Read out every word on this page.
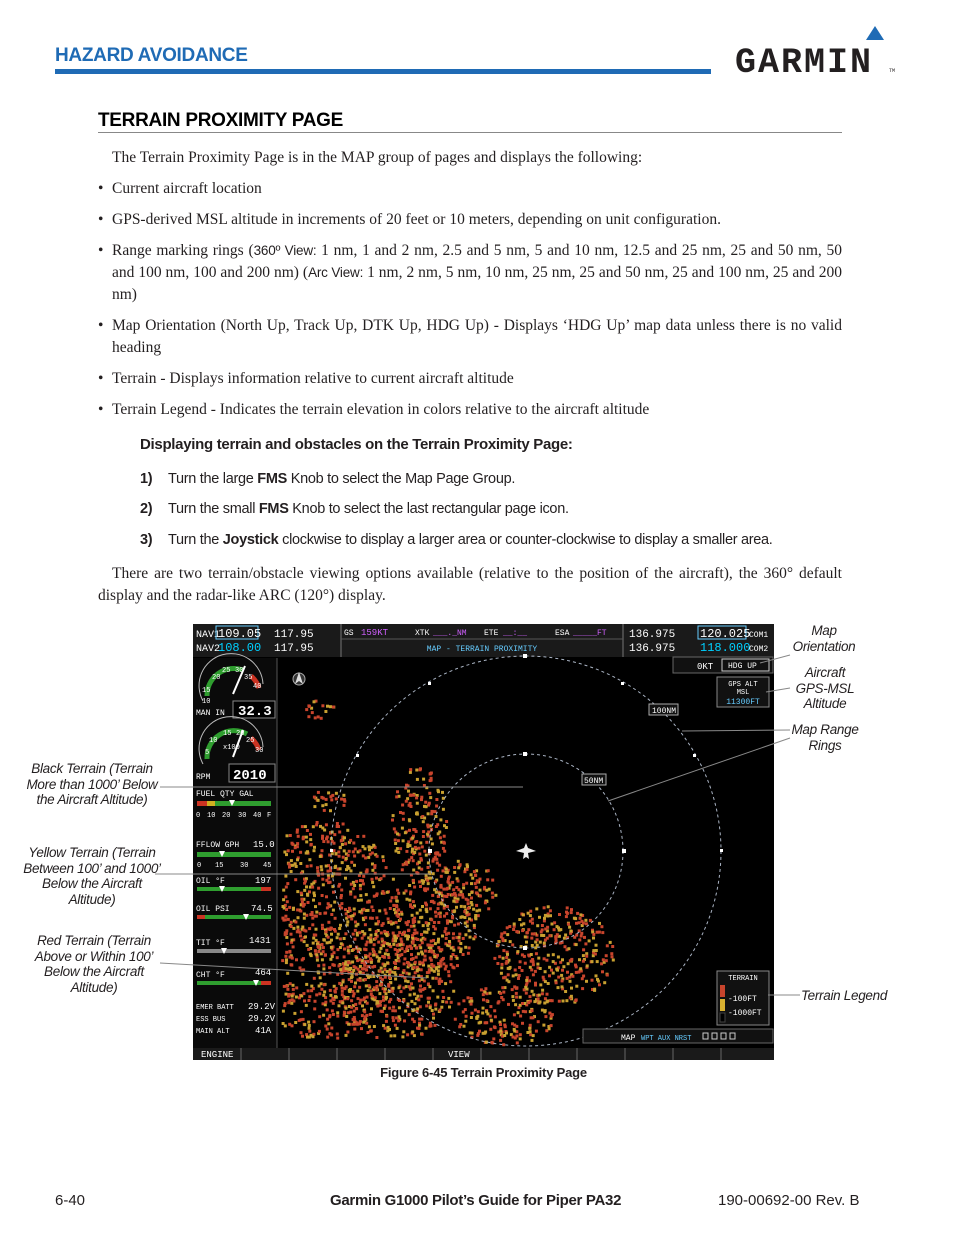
HAZARD AVOIDANCE	GARMIN	TM
TERRAIN PROXIMITY PAGE
The Terrain Proximity Page is in the MAP group of pages and displays the following:
• Current aircraft location
• GPS-derived MSL altitude in increments of 20 feet or 10 meters, depending on unit configuration.
• Range marking rings (360º View: 1 nm, 1 and 2 nm, 2.5 and 5 nm, 5 and 10 nm, 12.5 and 25 nm, 25 and 50 nm, 50 and 100 nm, 100 and 200 nm) (Arc View: 1 nm, 2 nm, 5 nm, 10 nm, 25 nm, 25 and 50 nm, 25 and 100 nm, 25 and 200 nm)
• Map Orientation (North Up, Track Up, DTK Up, HDG Up) - Displays ‘HDG Up’ map data unless there is no valid heading
• Terrain - Displays information relative to current aircraft altitude
• Terrain Legend - Indicates the terrain elevation in colors relative to the aircraft altitude
Displaying terrain and obstacles on the Terrain Proximity Page:
1) Turn the large FMS Knob to select the Map Page Group.
2) Turn the small FMS Knob to select the last rectangular page icon.
3) Turn the Joystick clockwise to display a larger area or counter-clockwise to display a smaller area.
There are two terrain/obstacle viewing options available (relative to the position of the aircraft), the 360° default display and the radar-like ARC (120°) display.
NAV1
109.05 117.95
NAV2
108.00 117.95
GS 159KT	XTK ___._NM ETE __:__	ESA _____FT
MAP - TERRAIN PROXIMITY
136.975 120.025
COM1
136.975 118.000
COM2
15
20
25 30
35
40
10
MAN IN 32.3
5
10
15 20
25
30
x100
RPM 2010
FUEL QTY GAL
0 10 20 30 40 F
FFLOW GPH 15.0
0 15 30 45
OIL °F	197
OIL PSI 74.5
TIT °F	1431
CHT °F	464
EMER BATT 29.2V
ESS BUS	29.2V
MAIN ALT	41A
100NM
50NM
0KT HDG UP
GPS ALT
MSL
11300FT
TERRAIN
-100FT
-1000FT
MAP WPT AUX NRST
ENGINE	VIEW
Map Orientation
Aircraft GPS-MSL Altitude
Map Range Rings
Terrain Legend
Black Terrain (Terrain More than 1000’ Below the Aircraft Altitude)
Yellow Terrain (Terrain Between 100’ and 1000’ Below the Aircraft Altitude)
Red Terrain (Terrain Above or Within 100’ Below the Aircraft Altitude)
Figure 6-45 Terrain Proximity Page
6-40	Garmin G1000 Pilot’s Guide for Piper PA32	190-00692-00 Rev. B
